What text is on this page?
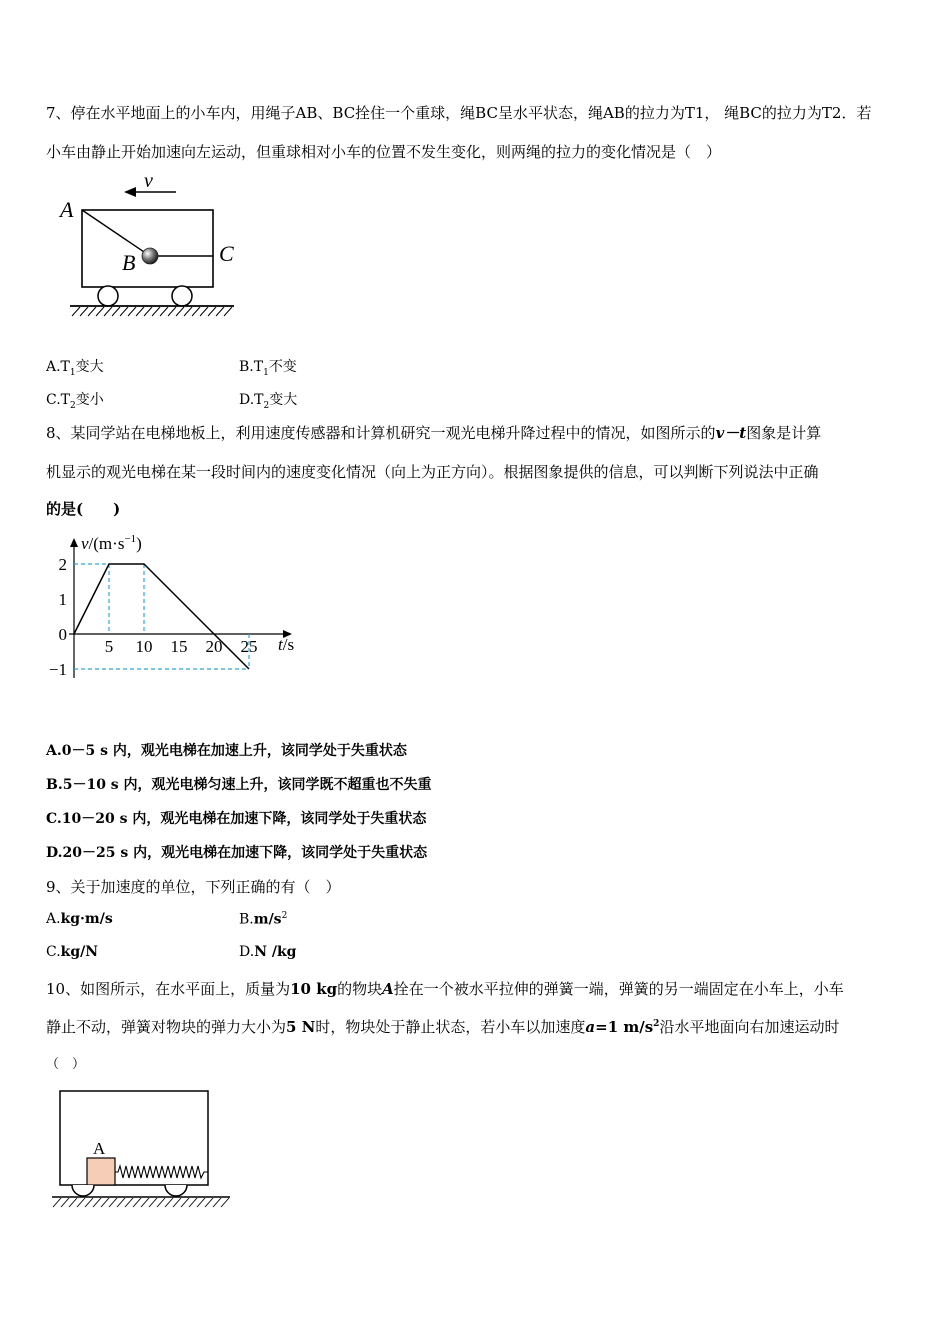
7、停在水平地面上的小车内，用绳子AB、BC拴住一个重球，绳BC呈水平状态，绳AB的拉力为T1， 绳BC的拉力为T2．若
小车由静止开始加速向左运动，但重球相对小车的位置不发生变化，则两绳的拉力的变化情况是（　）
v
A
B	C
$A.T_1$变大	$B.T_1$不变
$C.T_2$变小	$D.T_2$变大
8、某同学站在电梯地板上，利用速度传感器和计算机研究一观光电梯升降过程中的情况，如图所示的v－t图象是计算
机显示的观光电梯在某一段时间内的速度变化情况（向上为正方向）。根据图象提供的信息，可以判断下列说法中正确
的是(　　)
$v/(m\cdot s^{-1})$
t/s
5 10 15 20 25
2
1
0
−1
A.0－5 s 内，观光电梯在加速上升，该同学处于失重状态
B.5－10 s 内，观光电梯匀速上升，该同学既不超重也不失重
C.10－20 s 内，观光电梯在加速下降，该同学处于失重状态
D.20－25 s 内，观光电梯在加速下降，该同学处于失重状态
9、关于加速度的单位，下列正确的有（　）
A.kg·m/s	$B.m/s^2$
C.kg/N	D.N /kg
10、如图所示，在水平面上，质量为10 kg的物块A拴在一个被水平拉伸的弹簧一端，弹簧的另一端固定在小车上，小车
静止不动，弹簧对物块的弹力大小为5 N时，物块处于静止状态，若小车以加速度a=1 $m/s^2$沿水平地面向右加速运动时
（　）
A
